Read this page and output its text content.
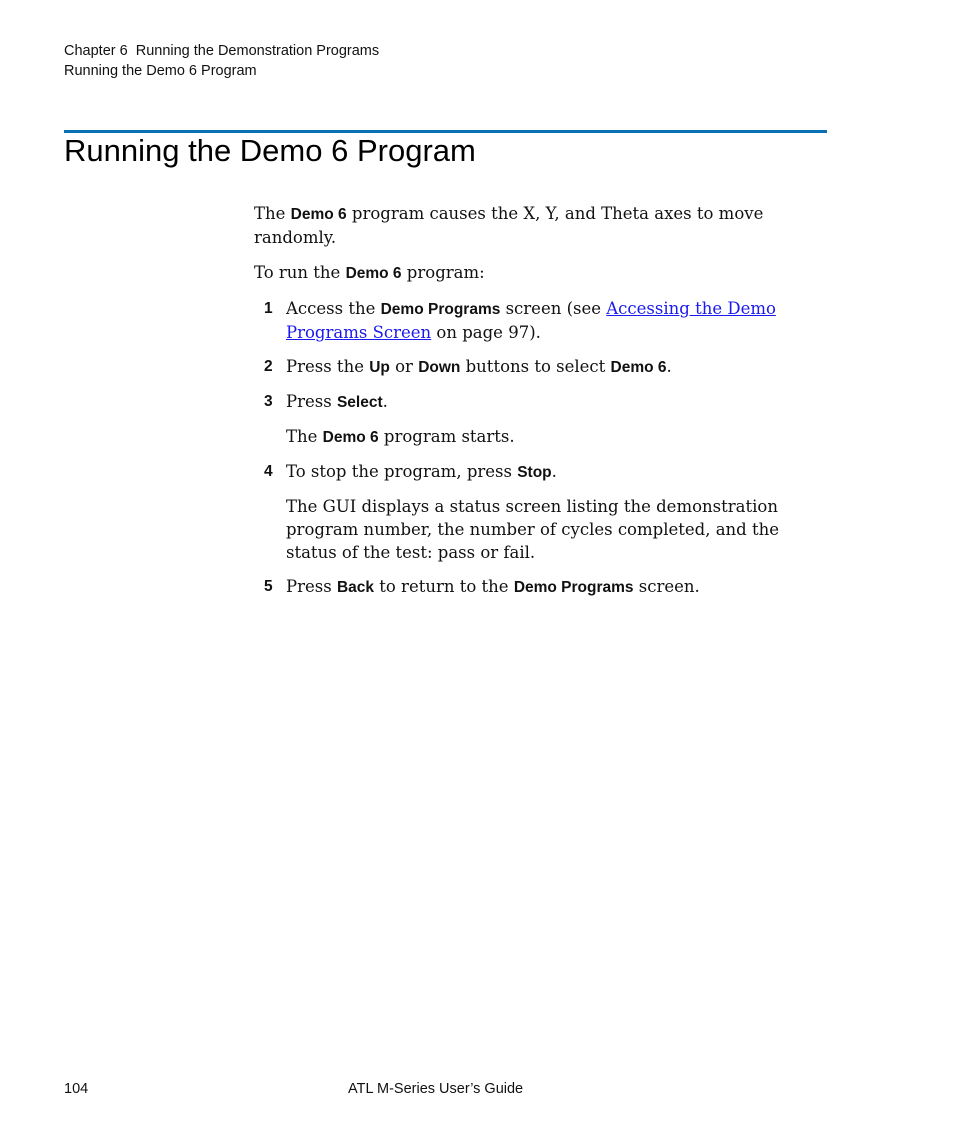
Chapter 6  Running the Demonstration Programs
Running the Demo 6 Program
Running the Demo 6 Program

The Demo 6 program causes the X, Y, and Theta axes to move randomly.

To run the Demo 6 program:

1 Access the Demo Programs screen (see Accessing the Demo Programs Screen on page 97).
2 Press the Up or Down buttons to select Demo 6.
3 Press Select.
The Demo 6 program starts.
4 To stop the program, press Stop.
The GUI displays a status screen listing the demonstration program number, the number of cycles completed, and the status of the test: pass or fail.
5 Press Back to return to the Demo Programs screen.
104	ATL M-Series User’s Guide
